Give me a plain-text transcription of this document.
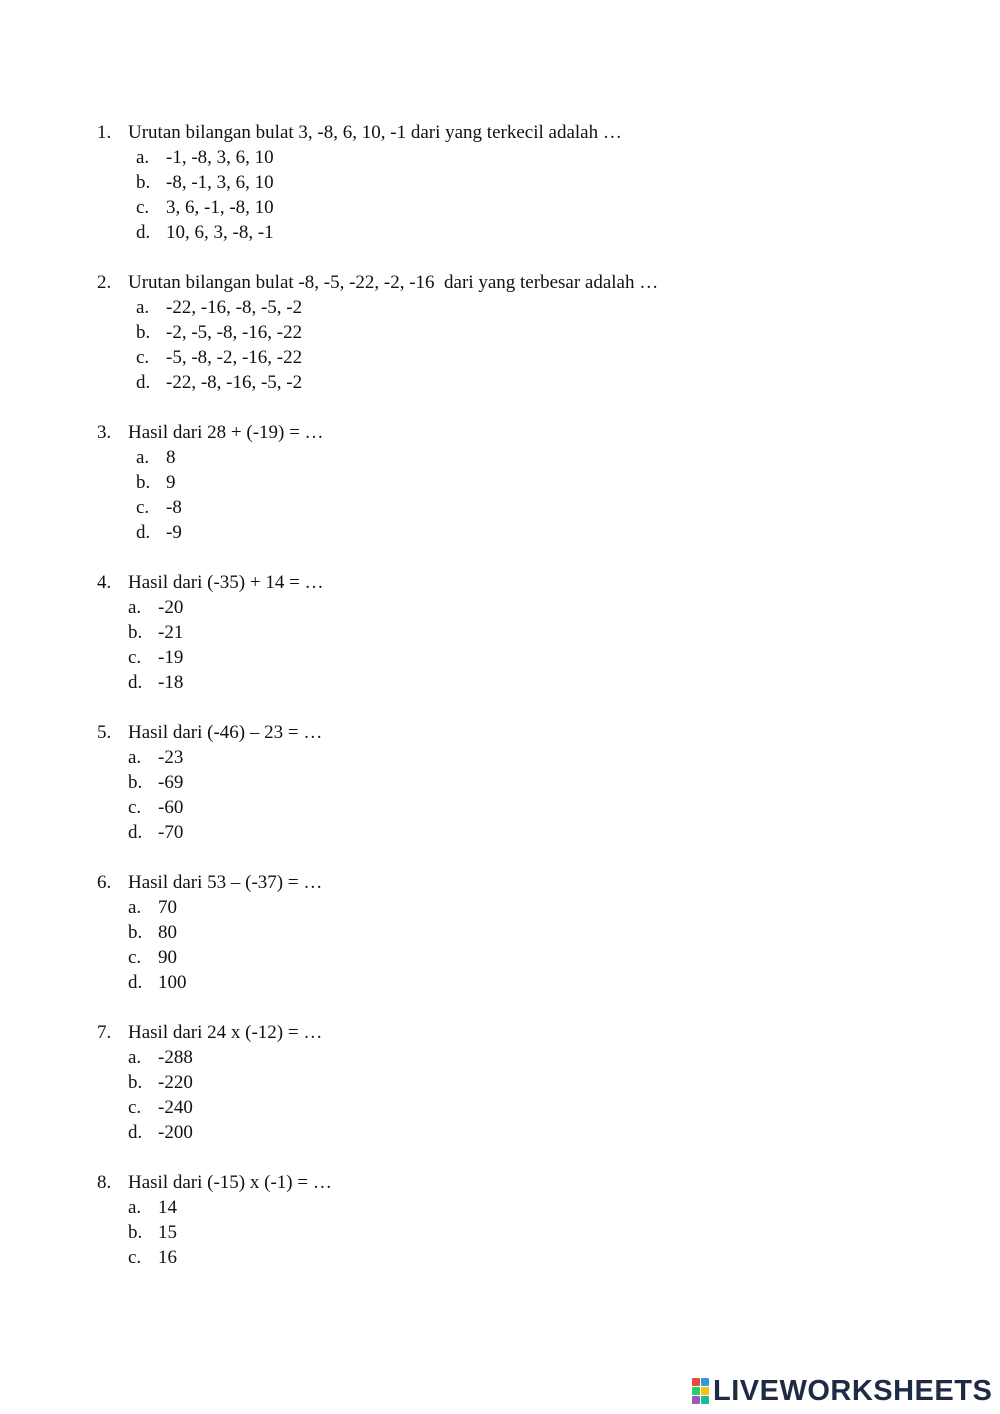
1. Urutan bilangan bulat 3, -8, 6, 10, -1 dari yang terkecil adalah …
a. -1, -8, 3, 6, 10
b. -8, -1, 3, 6, 10
c. 3, 6, -1, -8, 10
d. 10, 6, 3, -8, -1
2. Urutan bilangan bulat -8, -5, -22, -2, -16  dari yang terbesar adalah …
a. -22, -16, -8, -5, -2
b. -2, -5, -8, -16, -22
c. -5, -8, -2, -16, -22
d. -22, -8, -16, -5, -2
3. Hasil dari 28 + (-19) = …
a. 8
b. 9
c. -8
d. -9
4. Hasil dari (-35) + 14 = …
a. -20
b. -21
c. -19
d. -18
5. Hasil dari (-46) – 23 = …
a. -23
b. -69
c. -60
d. -70
6. Hasil dari 53 – (-37) = …
a. 70
b. 80
c. 90
d. 100
7. Hasil dari 24 x (-12) = …
a. -288
b. -220
c. -240
d. -200
8. Hasil dari (-15) x (-1) = …
a. 14
b. 15
c. 16
LIVEWORKSHEETS
